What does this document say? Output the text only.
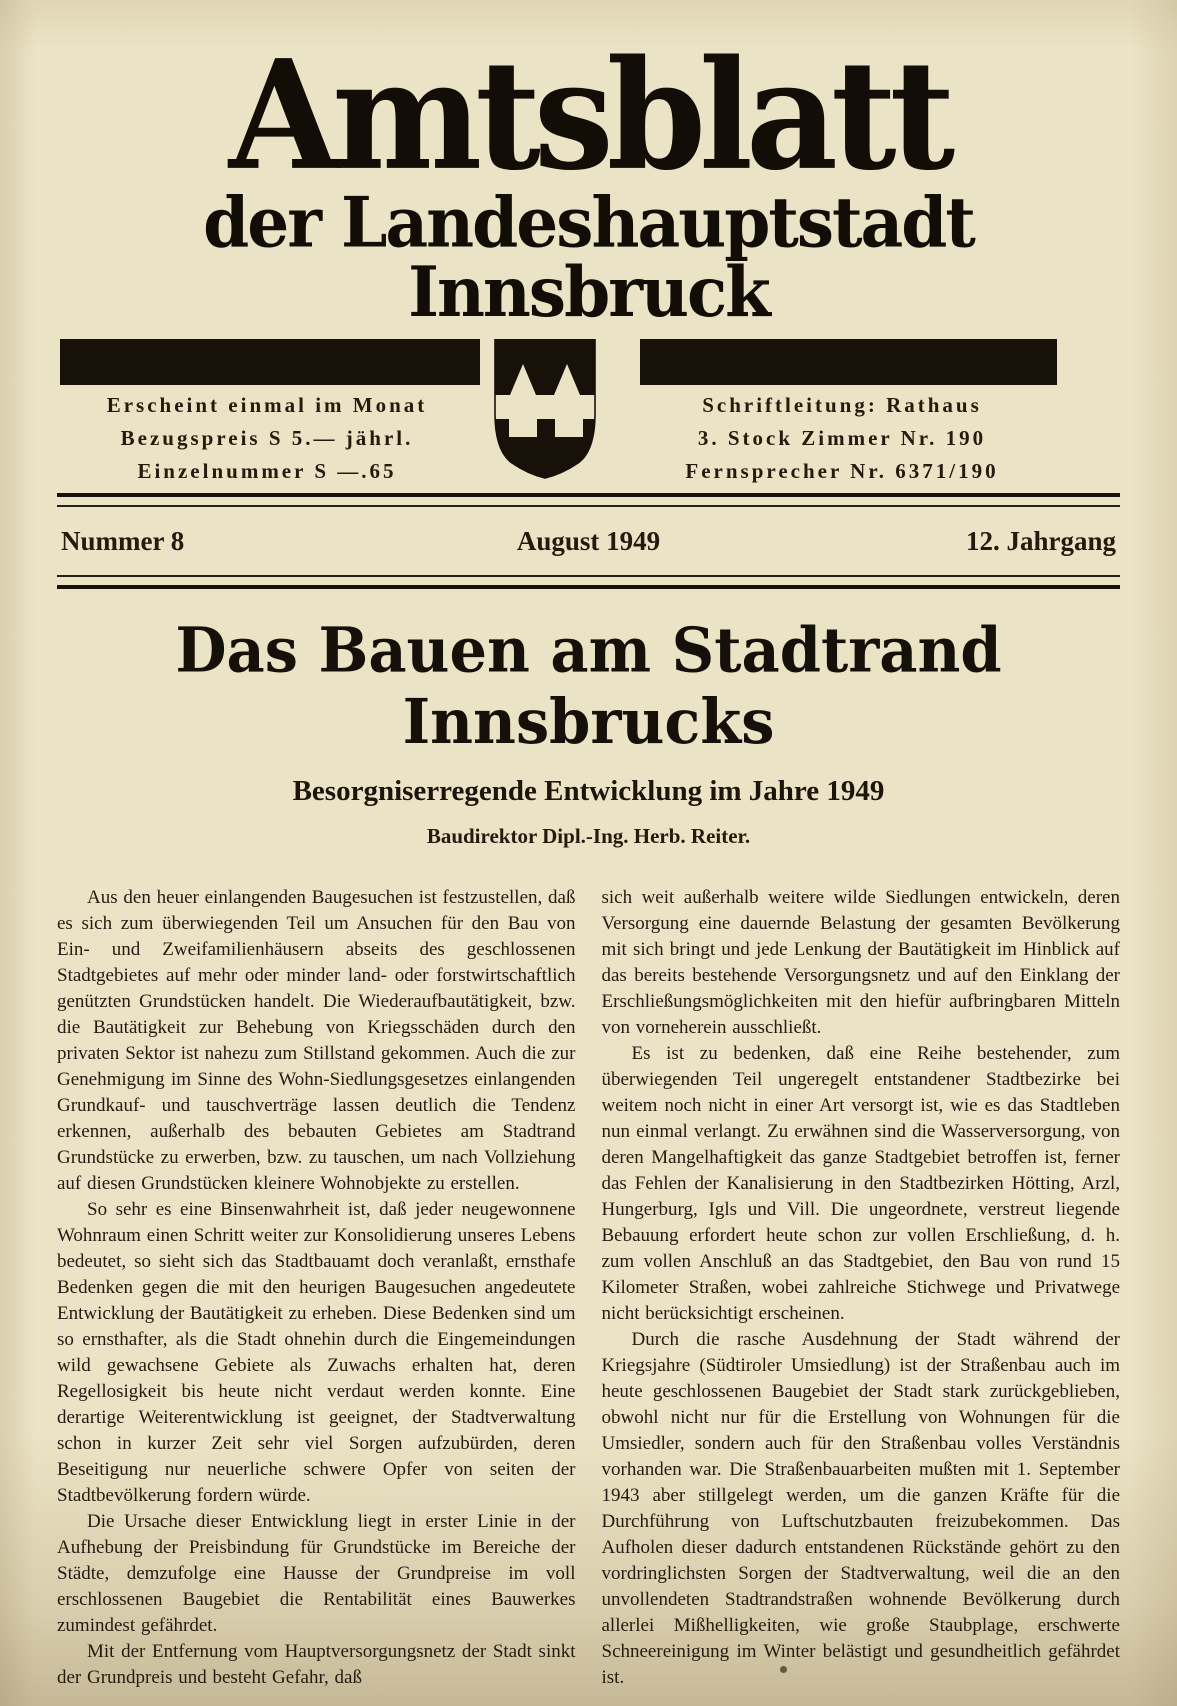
Amtsblatt
der Landeshauptstadt Innsbruck
Erscheint einmal im Monat
Bezugspreis S 5.— jährl.
Einzelnummer S —.65
Schriftleitung: Rathaus
3. Stock Zimmer Nr. 190
Fernsprecher Nr. 6371/190
Nummer 8	August 1949	12. Jahrgang
Das Bauen am Stadtrand Innsbrucks
Besorgniserregende Entwicklung im Jahre 1949
Baudirektor Dipl.-Ing. Herb. Reiter.

Aus den heuer einlangenden Baugesuchen ist festzustellen, daß es sich zum überwiegenden Teil um Ansuchen für den Bau von Ein- und Zweifamilienhäusern abseits des geschlossenen Stadtgebietes auf mehr oder minder land- oder forstwirtschaftlich genützten Grundstücken handelt. Die Wiederaufbautätigkeit, bzw. die Bautätigkeit zur Behebung von Kriegsschäden durch den privaten Sektor ist nahezu zum Stillstand gekommen. Auch die zur Genehmigung im Sinne des Wohn-Siedlungsgesetzes einlangenden Grundkauf- und tauschverträge lassen deutlich die Tendenz erkennen, außerhalb des bebauten Gebietes am Stadtrand Grundstücke zu erwerben, bzw. zu tauschen, um nach Vollziehung auf diesen Grundstücken kleinere Wohnobjekte zu erstellen.

So sehr es eine Binsenwahrheit ist, daß jeder neugewonnene Wohnraum einen Schritt weiter zur Konsolidierung unseres Lebens bedeutet, so sieht sich das Stadtbauamt doch veranlaßt, ernsthafe Bedenken gegen die mit den heurigen Baugesuchen angedeutete Entwicklung der Bautätigkeit zu erheben. Diese Bedenken sind um so ernsthafter, als die Stadt ohnehin durch die Eingemeindungen wild gewachsene Gebiete als Zuwachs erhalten hat, deren Regellosigkeit bis heute nicht verdaut werden konnte. Eine derartige Weiterentwicklung ist geeignet, der Stadtverwaltung schon in kurzer Zeit sehr viel Sorgen aufzubürden, deren Beseitigung nur neuerliche schwere Opfer von seiten der Stadtbevölkerung fordern würde.

Die Ursache dieser Entwicklung liegt in erster Linie in der Aufhebung der Preisbindung für Grundstücke im Bereiche der Städte, demzufolge eine Hausse der Grundpreise im voll erschlossenen Baugebiet die Rentabilität eines Bauwerkes zumindest gefährdet.

Mit der Entfernung vom Hauptversorgungsnetz der Stadt sinkt der Grundpreis und besteht Gefahr, daß

sich weit außerhalb weitere wilde Siedlungen entwickeln, deren Versorgung eine dauernde Belastung der gesamten Bevölkerung mit sich bringt und jede Lenkung der Bautätigkeit im Hinblick auf das bereits bestehende Versorgungsnetz und auf den Einklang der Erschließungsmöglichkeiten mit den hiefür aufbringbaren Mitteln von vorneherein ausschließt.

Es ist zu bedenken, daß eine Reihe bestehender, zum überwiegenden Teil ungeregelt entstandener Stadtbezirke bei weitem noch nicht in einer Art versorgt ist, wie es das Stadtleben nun einmal verlangt. Zu erwähnen sind die Wasserversorgung, von deren Mangelhaftigkeit das ganze Stadtgebiet betroffen ist, ferner das Fehlen der Kanalisierung in den Stadtbezirken Hötting, Arzl, Hungerburg, Igls und Vill. Die ungeordnete, verstreut liegende Bebauung erfordert heute schon zur vollen Erschließung, d. h. zum vollen Anschluß an das Stadtgebiet, den Bau von rund 15 Kilometer Straßen, wobei zahlreiche Stichwege und Privatwege nicht berücksichtigt erscheinen.

Durch die rasche Ausdehnung der Stadt während der Kriegsjahre (Südtiroler Umsiedlung) ist der Straßenbau auch im heute geschlossenen Baugebiet der Stadt stark zurückgeblieben, obwohl nicht nur für die Erstellung von Wohnungen für die Umsiedler, sondern auch für den Straßenbau volles Verständnis vorhanden war. Die Straßenbauarbeiten mußten mit 1. September 1943 aber stillgelegt werden, um die ganzen Kräfte für die Durchführung von Luftschutzbauten freizubekommen. Das Aufholen dieser dadurch entstandenen Rückstände gehört zu den vordringlichsten Sorgen der Stadtverwaltung, weil die an den unvollendeten Stadtrandstraßen wohnende Bevölkerung durch allerlei Mißhelligkeiten, wie große Staubplage, erschwerte Schneereinigung im Winter belästigt und gesundheitlich gefährdet ist.
